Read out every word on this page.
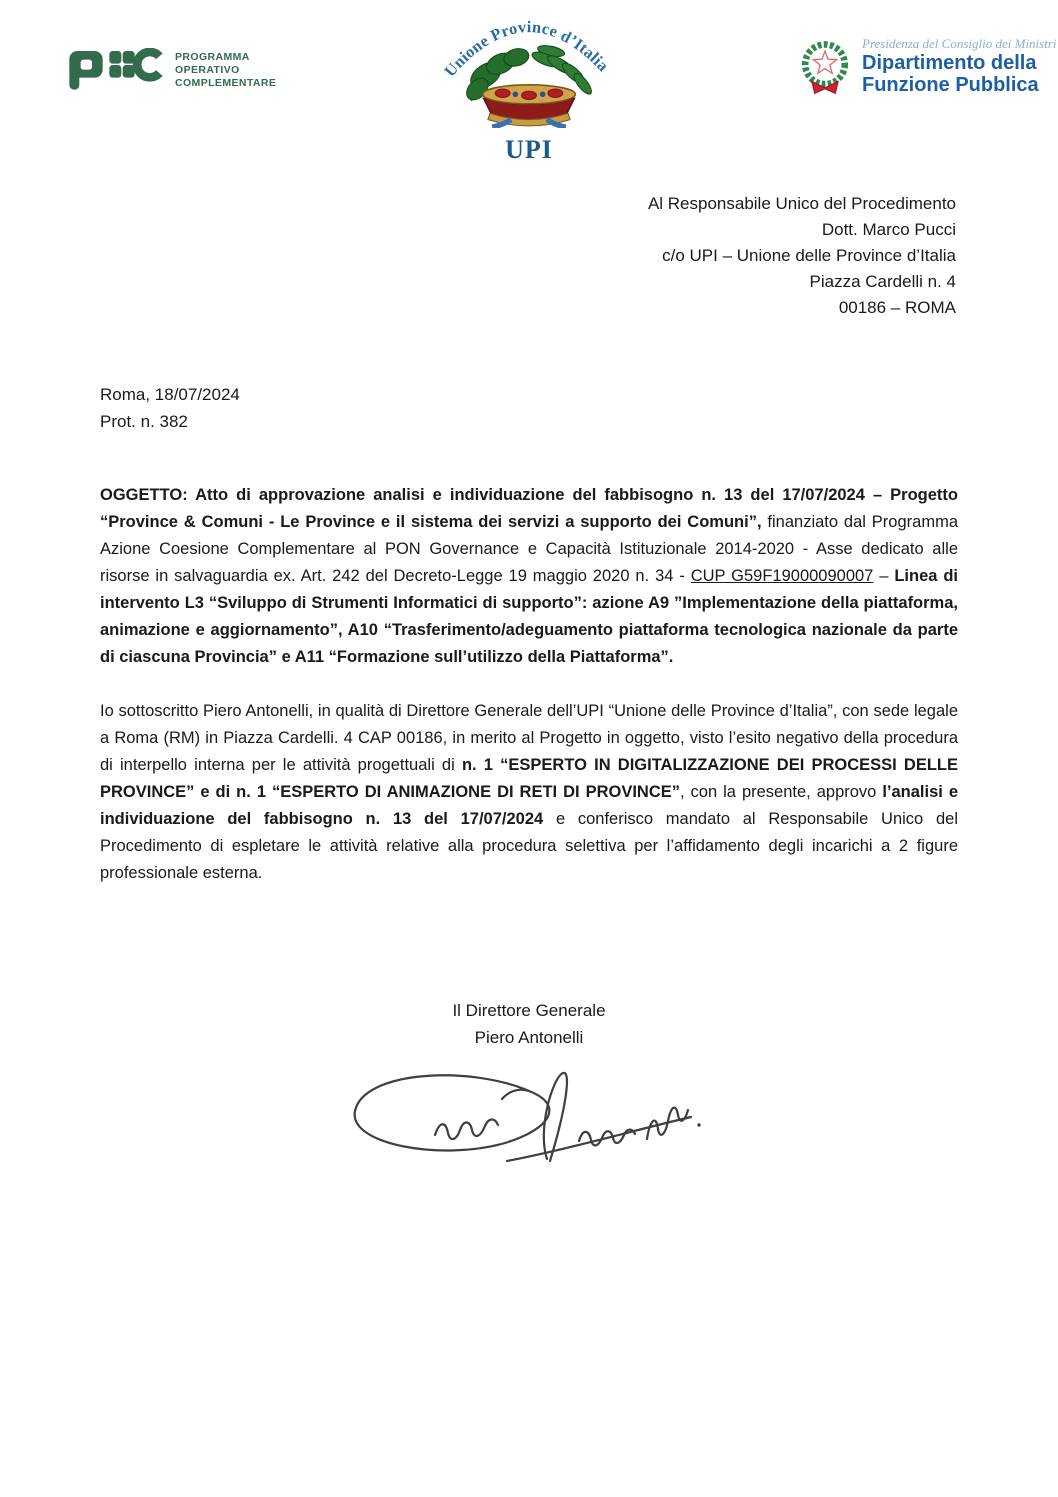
PROGRAMMA
OPERATIVO
COMPLEMENTARE
Unione Province d’Italia
UPI
Presidenza del Consiglio dei Ministri
Dipartimento della
Funzione Pubblica
Al Responsabile Unico del Procedimento
Dott. Marco Pucci
c/o UPI – Unione delle Province d’Italia
Piazza Cardelli n. 4
00186 – ROMA
Roma, 18/07/2024
Prot. n. 382

OGGETTO: Atto di approvazione analisi e individuazione del fabbisogno n. 13 del 17/07/2024 – Progetto “Province & Comuni - Le Province e il sistema dei servizi a supporto dei Comuni”, finanziato dal Programma Azione Coesione Complementare al PON Governance e Capacità Istituzionale 2014-2020 - Asse dedicato alle risorse in salvaguardia ex. Art. 242 del Decreto-Legge 19 maggio 2020 n. 34 - CUP G59F19000090007 – Linea di intervento L3 “Sviluppo di Strumenti Informatici di supporto”: azione A9 ”Implementazione della piattaforma, animazione e aggiornamento”, A10 “Trasferimento/adeguamento piattaforma tecnologica nazionale da parte di ciascuna Provincia” e A11 “Formazione sull’utilizzo della Piattaforma”.

Io sottoscritto Piero Antonelli, in qualità di Direttore Generale dell’UPI “Unione delle Province d’Italia”, con sede legale a Roma (RM) in Piazza Cardelli. 4 CAP 00186, in merito al Progetto in oggetto, visto l’esito negativo della procedura di interpello interna per le attività progettuali di n. 1 “ESPERTO IN DIGITALIZZAZIONE DEI PROCESSI DELLE PROVINCE” e di n. 1 “ESPERTO DI ANIMAZIONE DI RETI DI PROVINCE”, con la presente, approvo l’analisi e individuazione del fabbisogno n. 13 del 17/07/2024 e conferisco mandato al Responsabile Unico del Procedimento di espletare le attività relative alla procedura selettiva per l’affidamento degli incarichi a 2 figure professionale esterna.

Il Direttore Generale
Piero Antonelli
